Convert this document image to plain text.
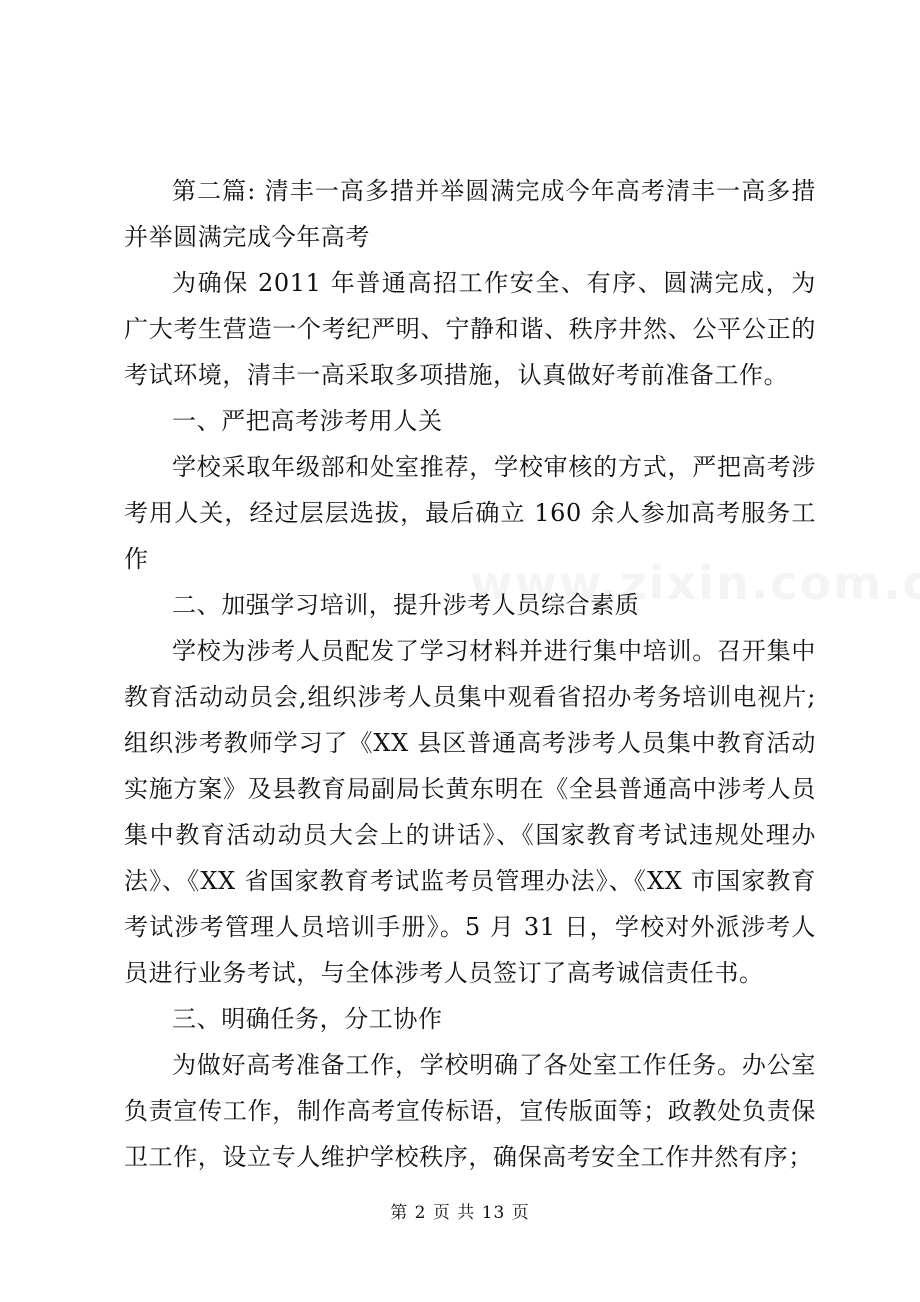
第二篇: 清丰一高多措并举圆满完成今年高考清丰一高多措并举圆满完成今年高考

为确保 2011 年普通高招工作安全、有序、圆满完成，为广大考生营造一个考纪严明、宁静和谐、秩序井然、公平公正的考试环境，清丰一高采取多项措施，认真做好考前准备工作。

一、严把高考涉考用人关

学校采取年级部和处室推荐，学校审核的方式，严把高考涉考用人关，经过层层选拔，最后确立 160 余人参加高考服务工作

二、加强学习培训，提升涉考人员综合素质

学校为涉考人员配发了学习材料并进行集中培训。召开集中教育活动动员会,组织涉考人员集中观看省招办考务培训电视片;组织涉考教师学习了《XX 县区普通高考涉考人员集中教育活动实施方案》及县教育局副局长黄东明在《全县普通高中涉考人员集中教育活动动员大会上的讲话》、《国家教育考试违规处理办法》、《XX 省国家教育考试监考员管理办法》、《XX 市国家教育考试涉考管理人员培训手册》。5 月 31 日，学校对外派涉考人员进行业务考试，与全体涉考人员签订了高考诚信责任书。

三、明确任务，分工协作

为做好高考准备工作，学校明确了各处室工作任务。办公室负责宣传工作，制作高考宣传标语，宣传版面等；政教处负责保卫工作，设立专人维护学校秩序，确保高考安全工作井然有序；

第 2 页 共 13 页
